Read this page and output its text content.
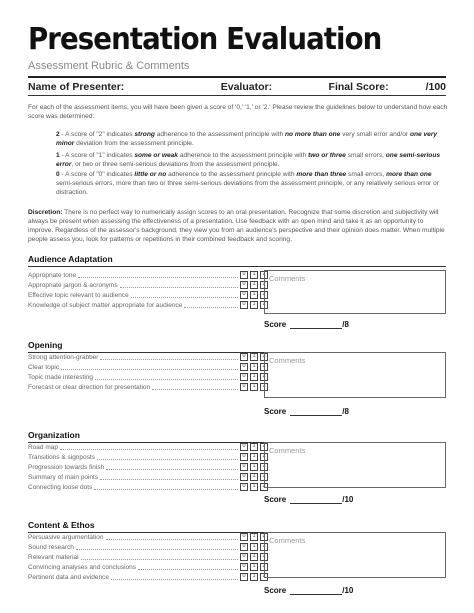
Presentation Evaluation
Assessment Rubric & Comments
Name of Presenter:	Evaluator:	Final Score:	/100
For each of the assessment items, you will have been given a score of '0,' '1,' or '2.' Please review the guidelines below to understand how each score was determined:
2 - A score of "2" indicates strong adherence to the assessment principle with no more than one very small error and/or one very minor deviation from the assessment principle.
1 - A score of "1" indicates some or weak adherence to the assessment principle with two or three small errors, one semi-serious error, or two or three semi-serious deviations from the assessment principle.
0 - A score of "0" indicates little or no adherence to the assessment principle with more than three small errors, more than one semi-serious errors, more than two or three semi-serious deviations from the assessment principle, or any relatively serious error or distraction.
Discretion: There is no perfect way to numerically assign scores to an oral presentation. Recognize that some discretion and subjectivity will always be present when assessing the effectiveness of a presentation. Use feedback with an open mind and take it as an opportunity to improve. Regardless of the assessor's background, they view you from an audience's perspective and their opinion does matter. When multiple people assess you, look for patterns or repetitions in their combined feedback and scoring.
Audience Adaptation
Appropriate tone	0	1	2
Appropriate jargon & acronyms	0	1	2
Effective topic relevant to audience	0	1	2
Knowledge of subject matter appropriate for audience	0	1	2
Comments
Score	/8
Opening
Strong attention-grabber	0	1	2
Clear topic	0	1	2
Topic made interesting	0	1	2
Forecast or clear direction for presentation	0	1	2
Comments
Score	/8
Organization
Road map	0	1	2
Transitions & signposts	0	1	2
Progression towards finish	0	1	2
Summary of main points	0	1	2
Connecting loose dots	0	1	2
Comments
Score	/10
Content & Ethos
Persuasive argumentation	0	1	2
Sound research	0	1	2
Relevant material	0	1	2
Convincing analyses and conclusions	0	1	2
Pertinent data and evidence	0	1	2
Comments
Score	/10
